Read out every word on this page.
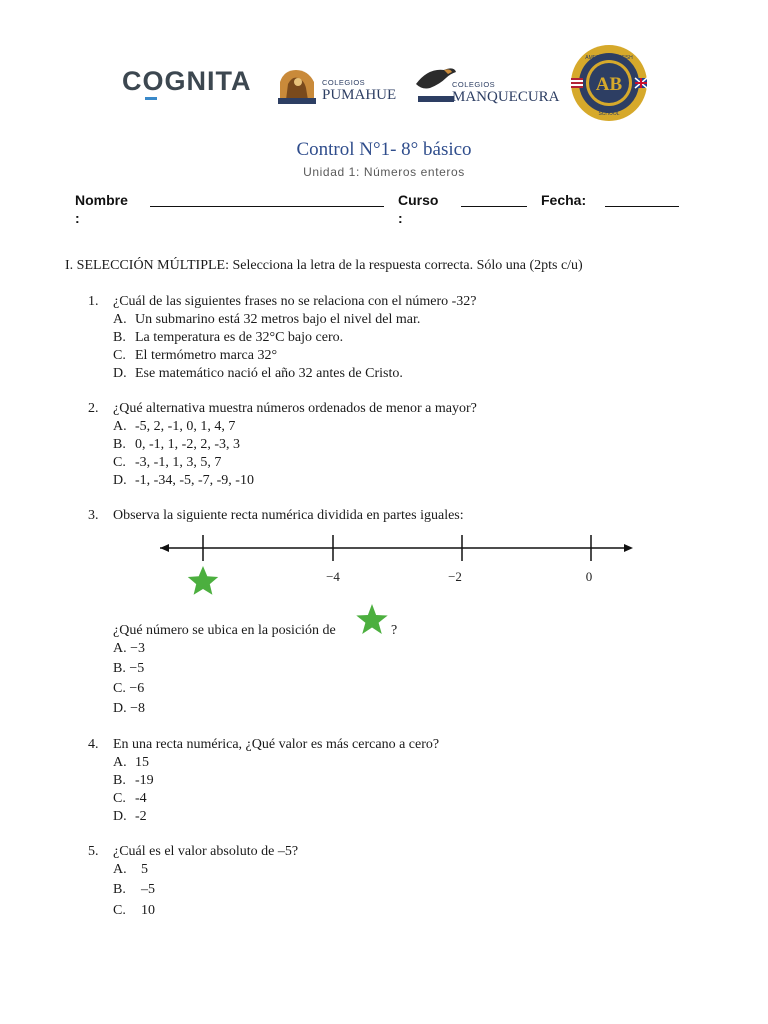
COGNITA	COLEGIOS
PUMAHUE
COLEGIOS
MANQUECURA
AB
AMERICAN BRITISH
SCHOOL
Control N°1- 8° básico
Unidad 1: Números enteros
Nombre
:
Curso
:
Fecha:
I. SELECCIÓN MÚLTIPLE: Selecciona la letra de la respuesta correcta. Sólo una (2pts c/u)
1. ¿Cuál de las siguientes frases no se relaciona con el número -32?
A. Un submarino está 32 metros bajo el nivel del mar.
B. La temperatura es de 32°C bajo cero.
C. El termómetro marca 32°
D. Ese matemático nació el año 32 antes de Cristo.
2. ¿Qué alternativa muestra números ordenados de menor a mayor?
A. -5, 2, -1, 0, 1, 4, 7
B. 0, -1, 1, -2, 2, -3, 3
C. -3, -1, 1, 3, 5, 7
D. -1, -34, -5, -7, -9, -10
3. Observa la siguiente recta numérica dividida en partes iguales:
−4	−2	0
¿Qué número se ubica en la posición de	?
A. −3
B. −5
C. −6
D. −8
4. En una recta numérica, ¿Qué valor es más cercano a cero?
A. 15
B. -19
C. -4
D. -2
5. ¿Cuál es el valor absoluto de –5?
A. 5
B. –5
C. 10
